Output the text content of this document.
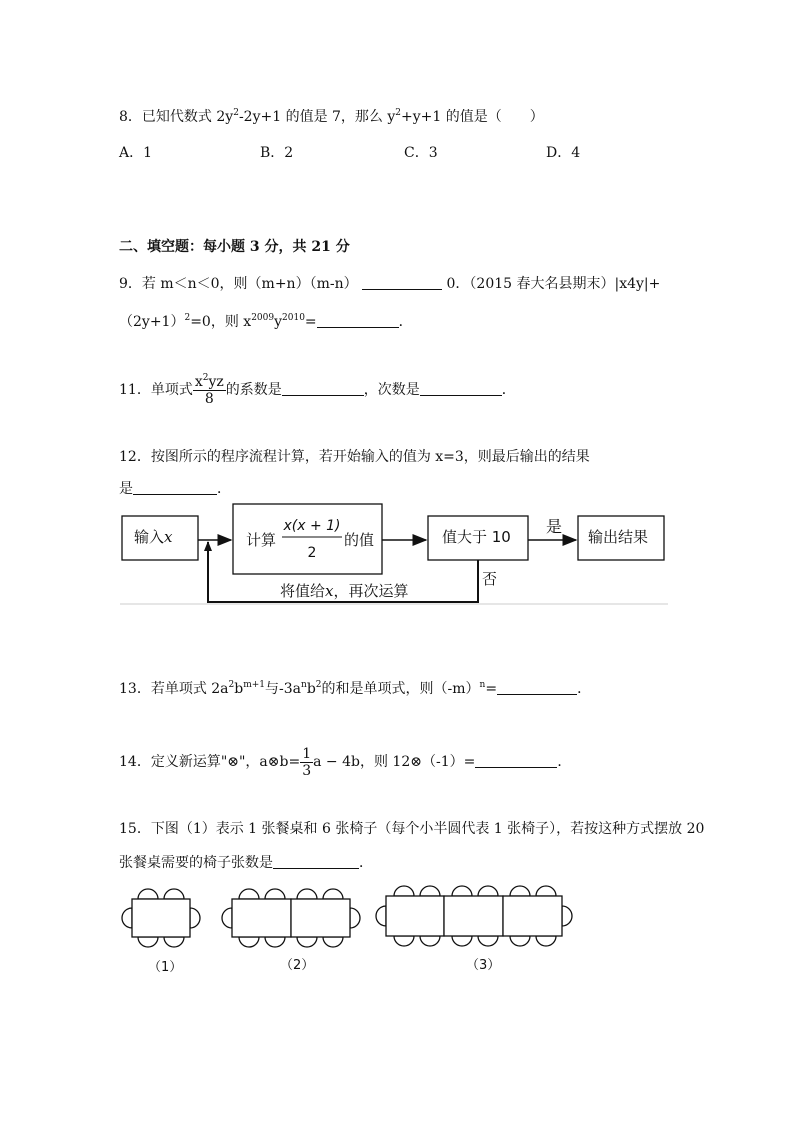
8．已知代数式 $2y^2-2y+1$ 的值是 7，那么 $y^2+y+1$ 的值是（　　）
A．1	B．2	C．3	D．4
二、填空题：每小题 3 分，共 21 分
9．若 m＜n＜0，则（m+n）（m-n）	0．（2015 春大名县期末）|x4y|+
$(2y+1)^2=0$，则 $x^{2009}y^{2010}=$	．
11．单项式 $\frac{x^2yz}{8}$ 的系数是	，次数是	．
12．按图所示的程序流程计算，若开始输入的值为 x=3，则最后输出的结果
是	．
输入x	计算
x(x + 1)
2
的值	值大于 10
是
输出结果
否
将值给x，再次运算
13．若单项式 $2a^2b^{m+1}$与$-3a^nb^2$的和是单项式，则$(-m)^n=$	．
14．定义新运算"⊗"，a⊗b= $\frac{1}{3}$ a − 4b，则 12⊗（-1）=	．
15．下图（1）表示 1 张餐桌和 6 张椅子（每个小半圆代表 1 张椅子），若按这种方式摆放 20
张餐桌需要的椅子张数是	．
（1）	（2）	（3）
